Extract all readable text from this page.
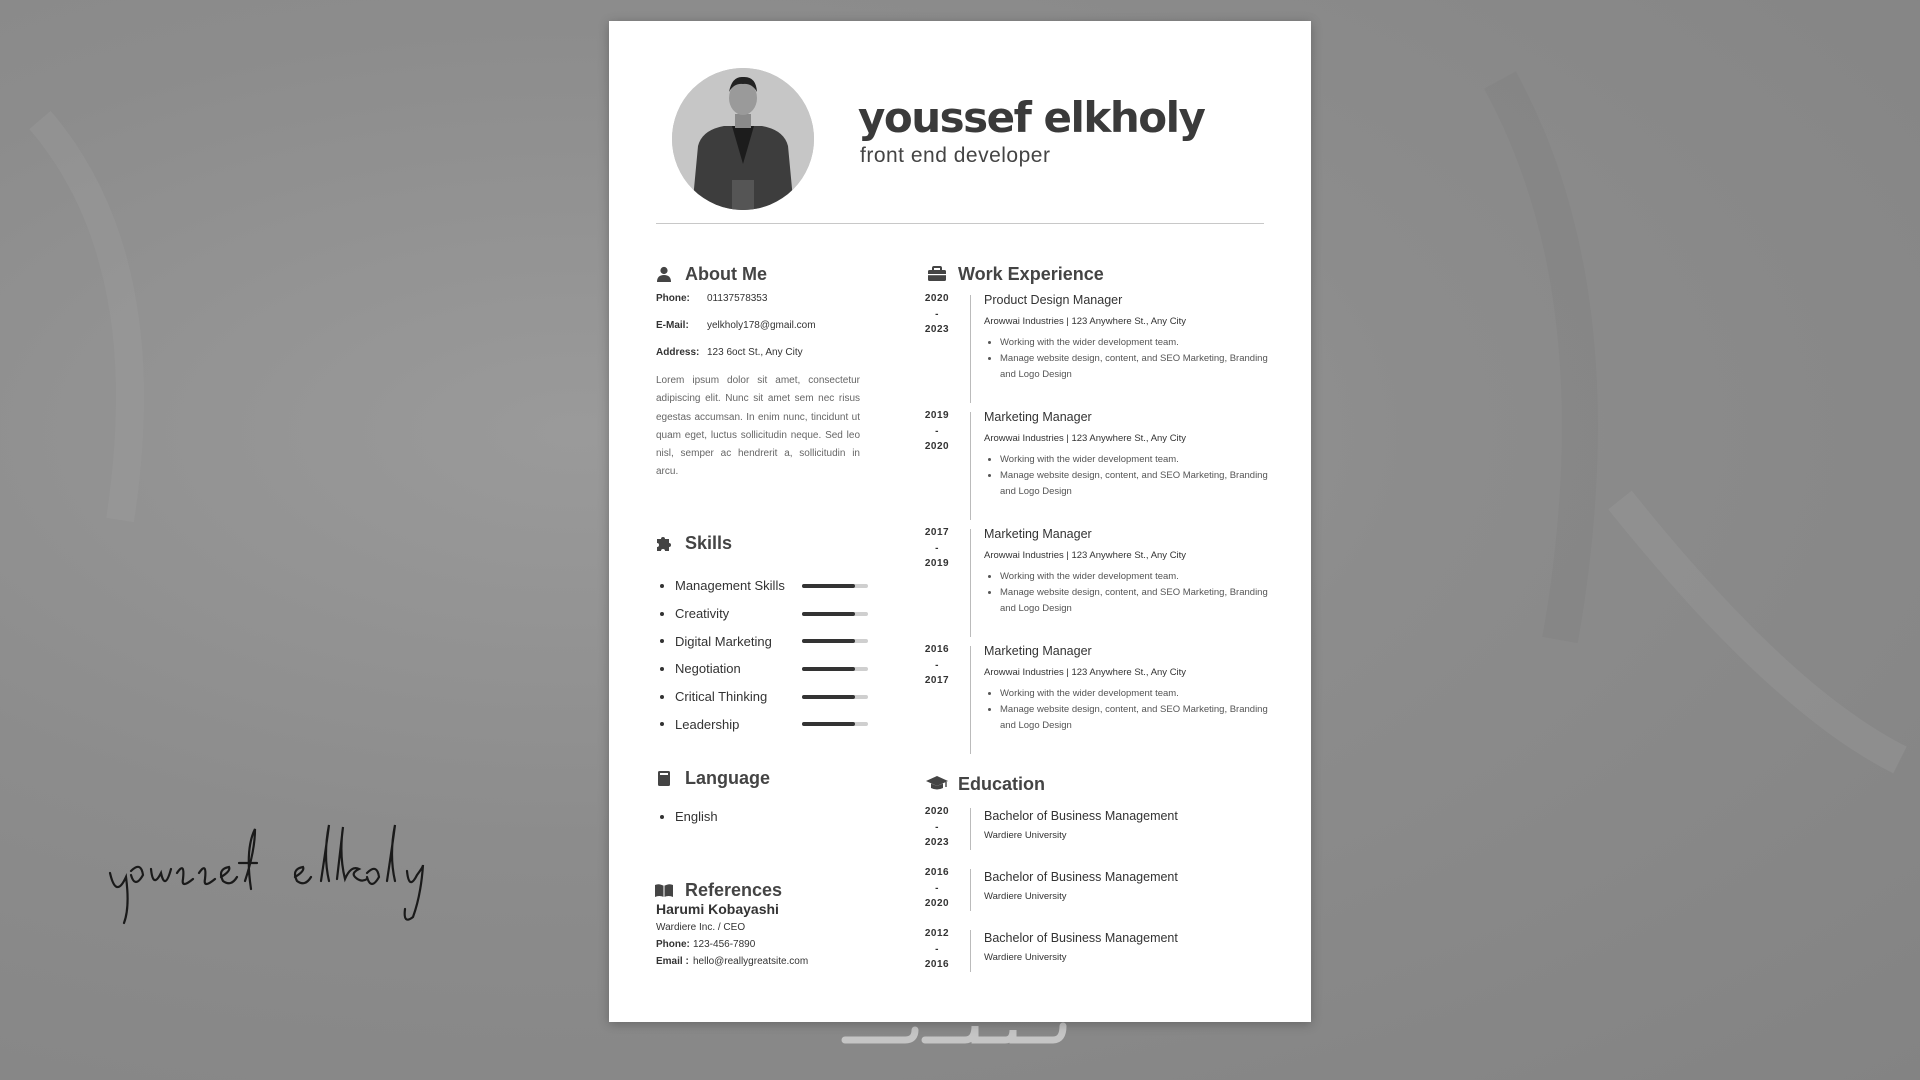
youssef elkholy
front end developer
About Me
Phone:	01137578353
E-Mail:	yelkholy178@gmail.com
Address: 123 6oct St., Any City
Lorem ipsum dolor sit amet, consectetur adipiscing elit. Nunc sit amet sem nec risus egestas accumsan. In enim nunc, tincidunt ut quam eget, luctus sollicitudin neque. Sed leo nisl, semper ac hendrerit a, sollicitudin in arcu.
Skills
Management Skills
Creativity
Digital Marketing
Negotiation
Critical Thinking
Leadership
Language
English
References
Harumi Kobayashi
Wardiere Inc. / CEO
Phone: 123-456-7890
Email : hello@reallygreatsite.com
Work Experience
2020
-
2023
Product Design Manager
Arowwai Industries | 123 Anywhere St., Any City
• Working with the wider development team.
• Manage website design, content, and SEO Marketing, Branding and Logo Design
2019
-
2020
Marketing Manager
Arowwai Industries | 123 Anywhere St., Any City
• Working with the wider development team.
• Manage website design, content, and SEO Marketing, Branding and Logo Design
2017
-
2019
Marketing Manager
Arowwai Industries | 123 Anywhere St., Any City
• Working with the wider development team.
• Manage website design, content, and SEO Marketing, Branding and Logo Design
2016
-
2017
Marketing Manager
Arowwai Industries | 123 Anywhere St., Any City
• Working with the wider development team.
• Manage website design, content, and SEO Marketing, Branding and Logo Design
Education
2020
-
2023
Bachelor of Business Management
Wardiere University
2016
-
2020
Bachelor of Business Management
Wardiere University
2012
-
2016
Bachelor of Business Management
Wardiere University
